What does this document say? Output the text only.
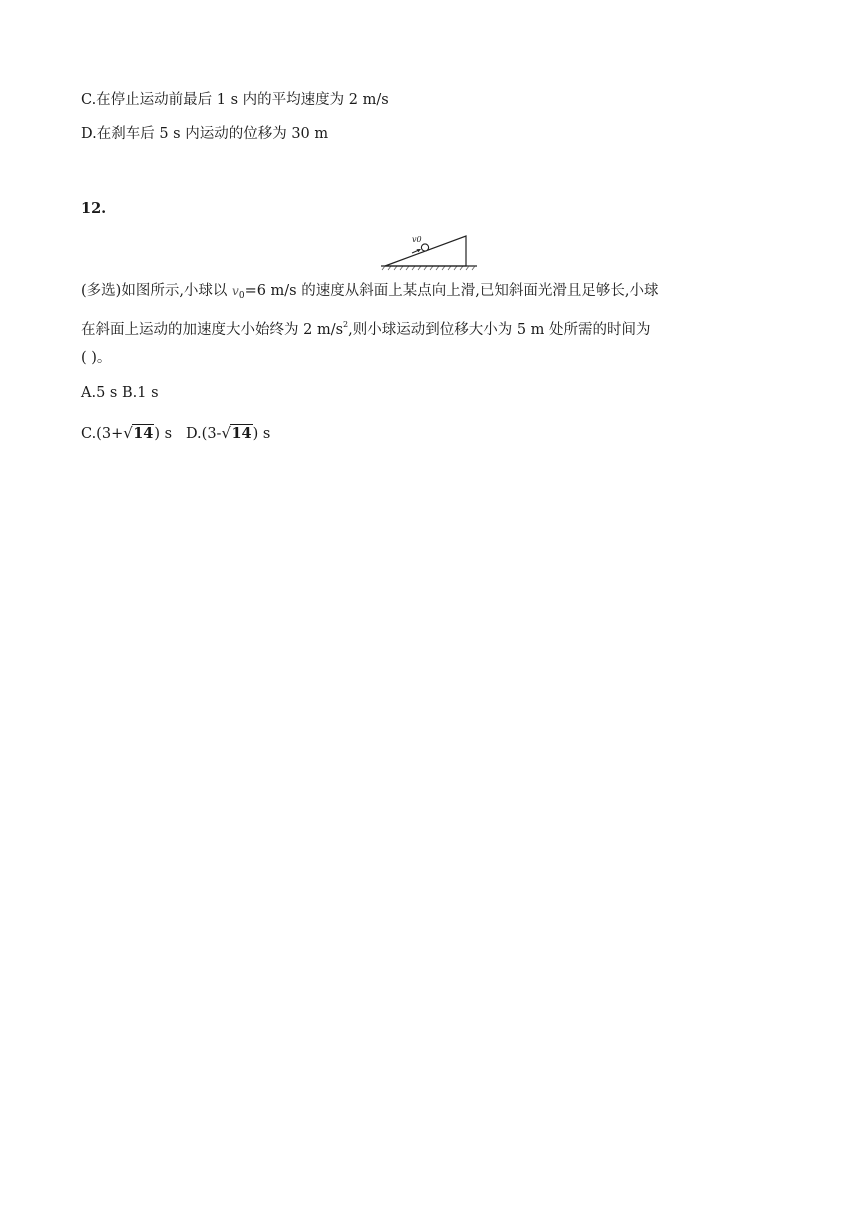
C.在停止运动前最后 1 s 内的平均速度为 2 m/s
D.在刹车后 5 s 内运动的位移为 30 m
12.
v0
(多选)如图所示,小球以 $v_0=6$ m/s 的速度从斜面上某点向上滑,已知斜面光滑且足够长,小球
在斜面上运动的加速度大小始终为 2 $m/s^2$,则小球运动到位移大小为 5 m 处所需的时间为
( )。
A.5 s B.1 s
C.(3+ √ 14) s D.(3- √ 14) s
